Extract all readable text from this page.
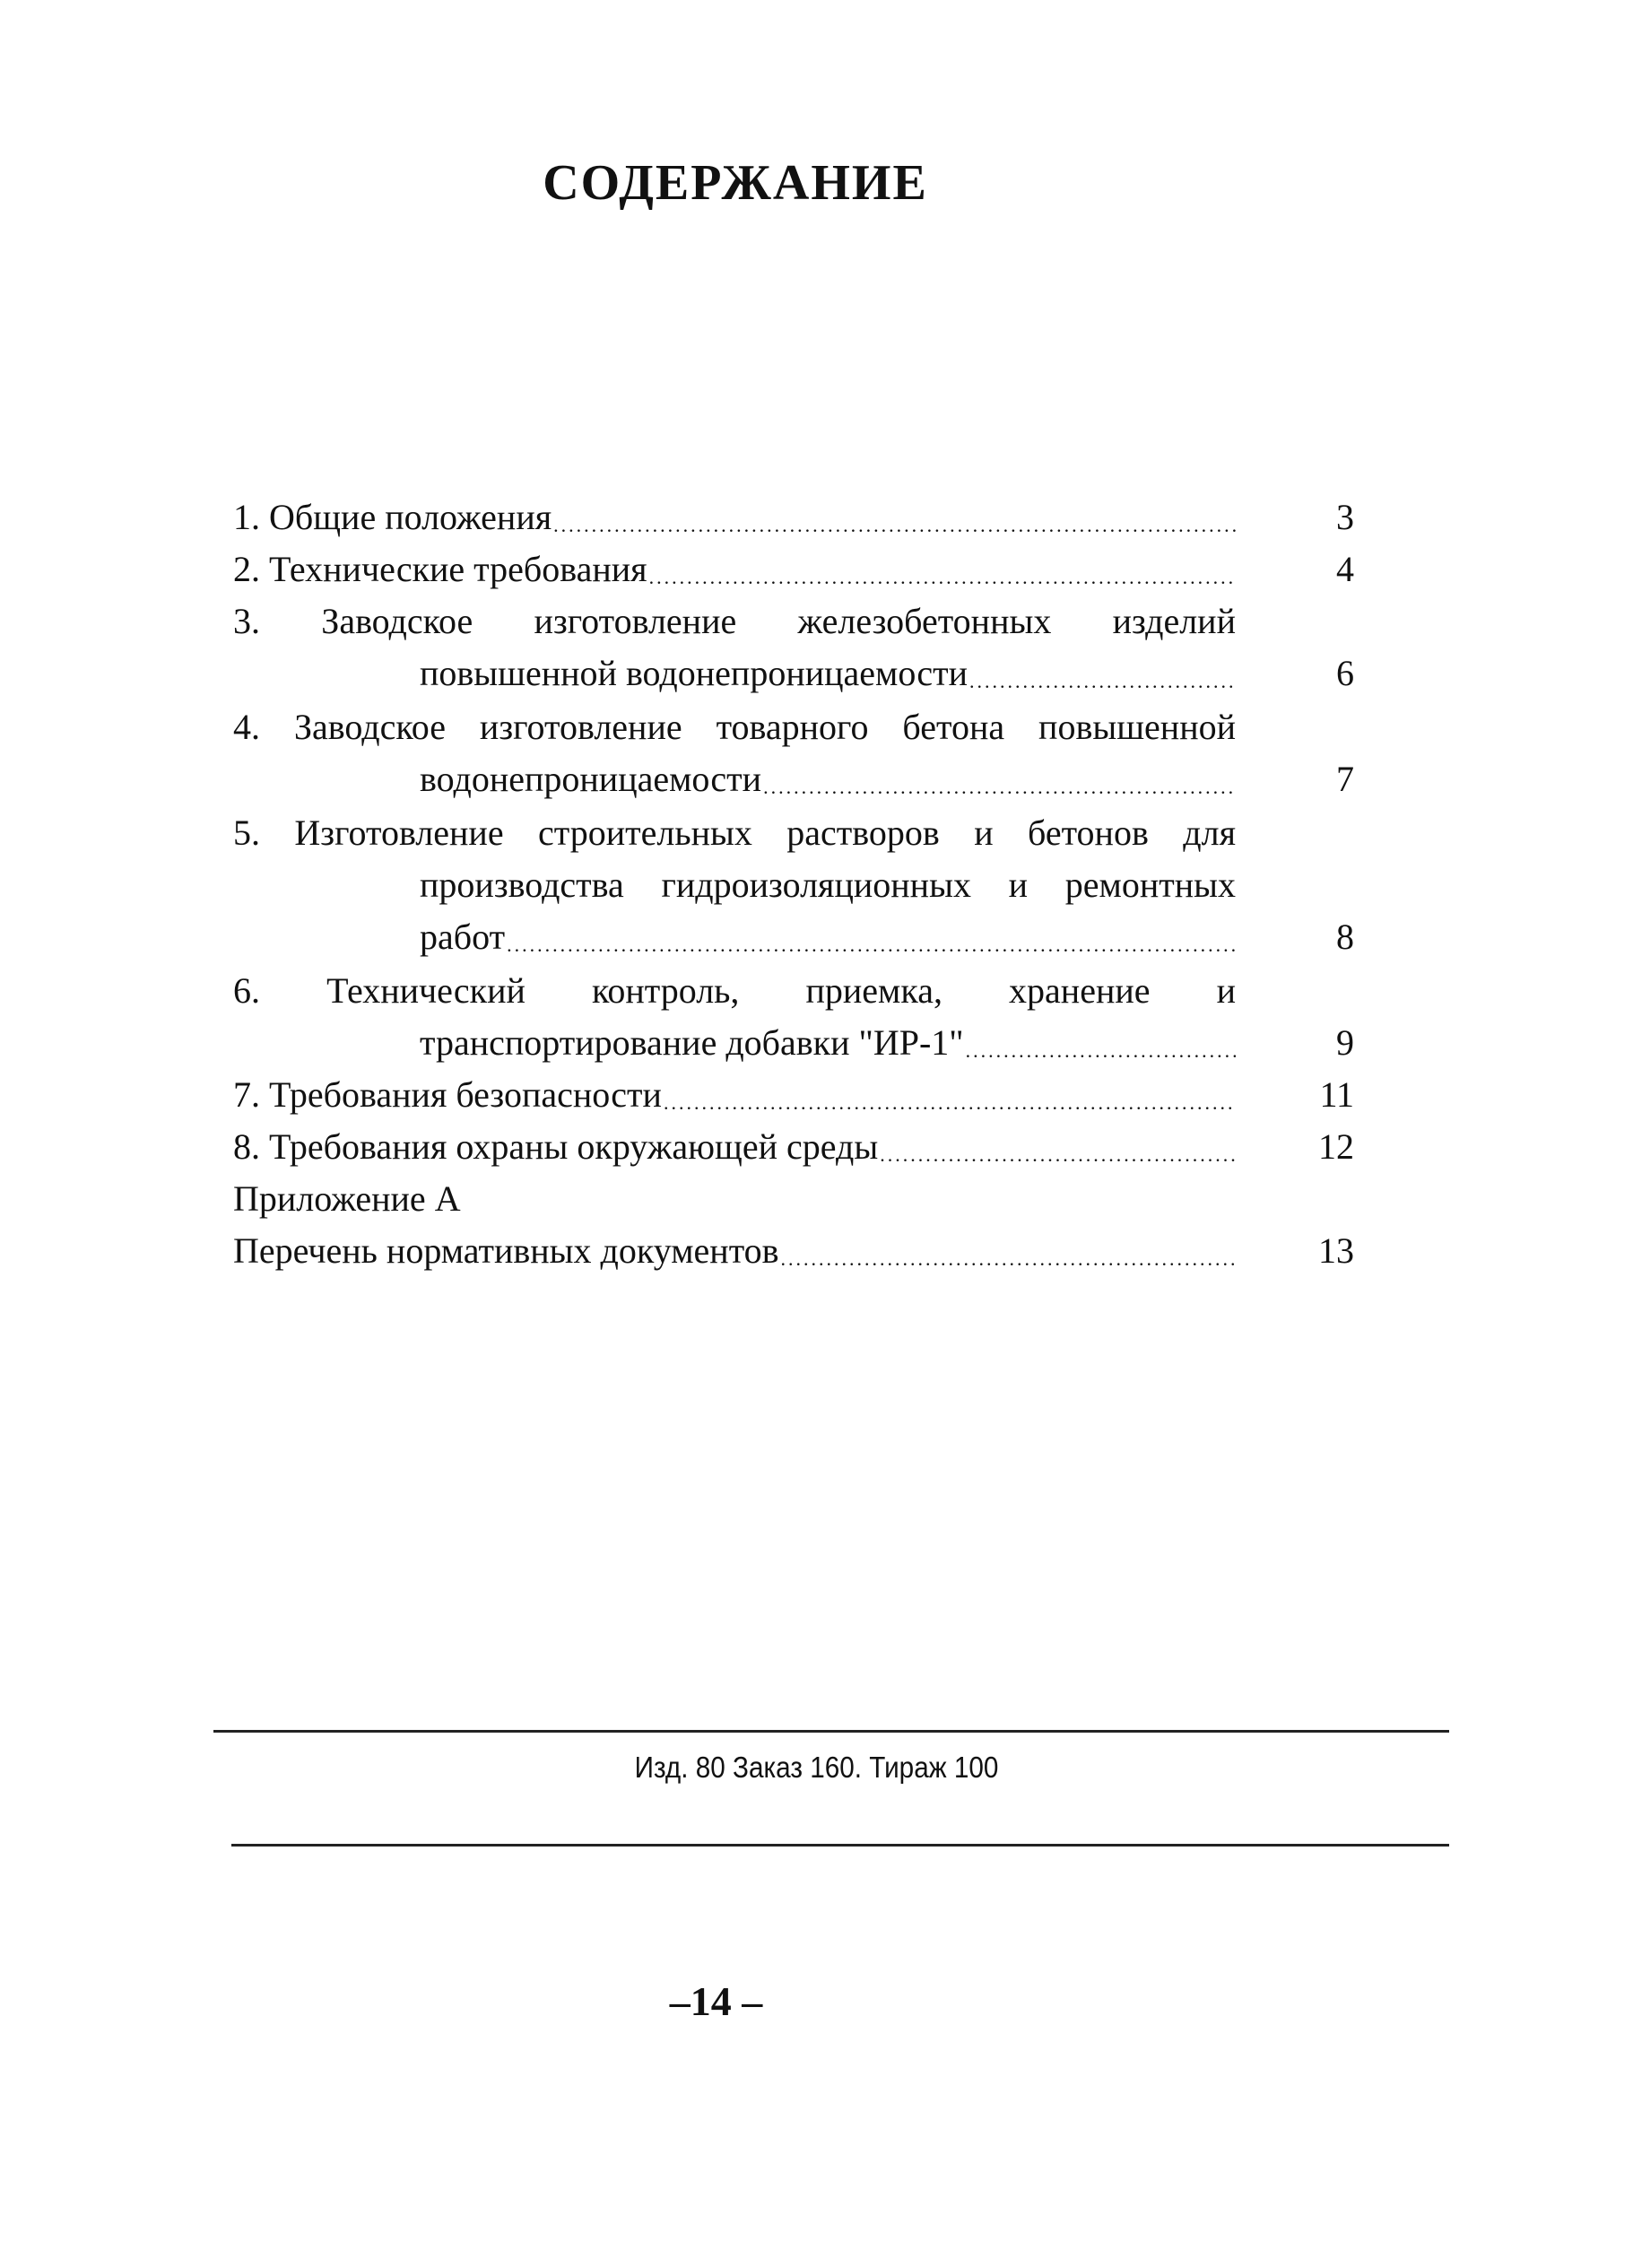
СОДЕРЖАНИЕ
1. Общие положения .....	3
2. Технические требования .....	4
3. Заводское изготовление железобетонных изделий
повышенной водонепроницаемости .....	6
4. Заводское изготовление товарного бетона повышенной
водонепроницаемости .....	7
5. Изготовление строительных растворов и бетонов для
производства гидроизоляционных и ремонтных
работ .....	8
6. Технический контроль, приемка, хранение и
транспортирование добавки "ИР-1" .....	9
7. Требования безопасности .....	11
8. Требования охраны окружающей среды .....	12
Приложение А
Перечень нормативных документов .....	13
Изд. 80 Заказ 160. Тираж 100
–14 –
